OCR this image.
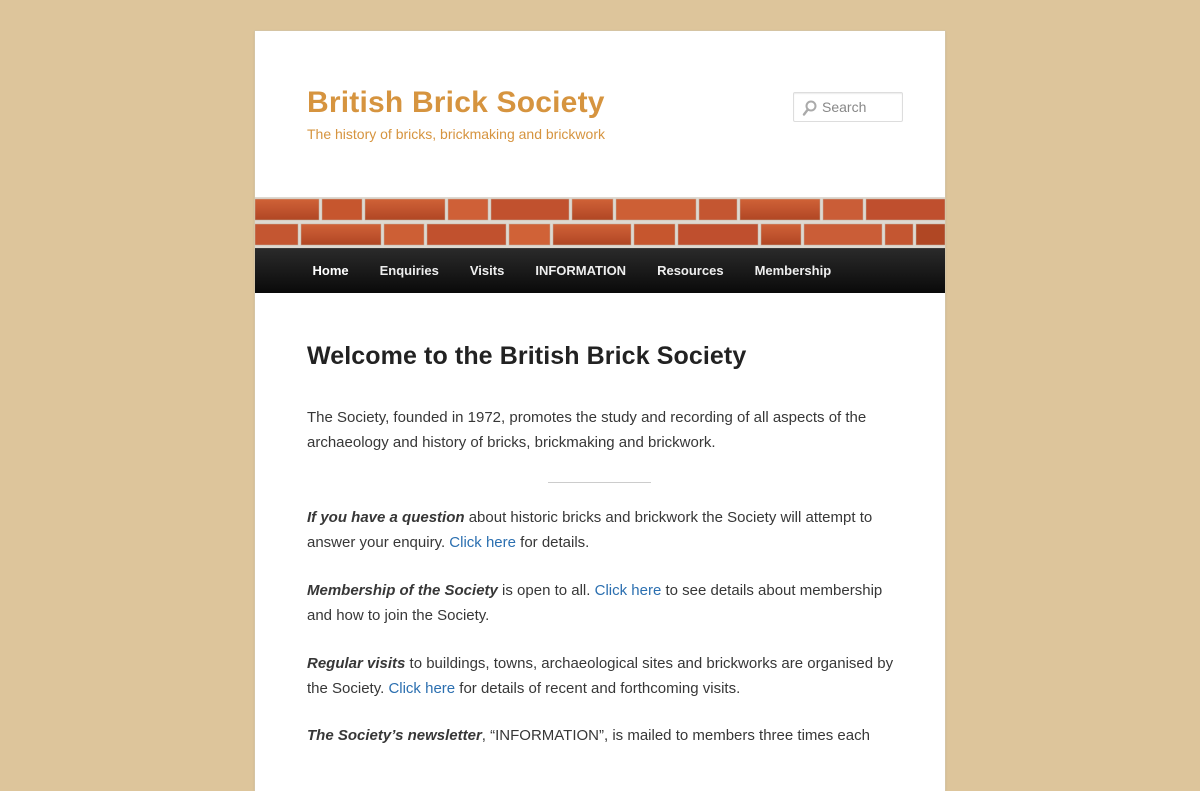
British Brick Society
The history of bricks, brickmaking and brickwork
Search
Home	Enquiries	Visits	INFORMATION	Resources	Membership
Welcome to the British Brick Society

The Society, founded in 1972, promotes the study and recording of all aspects of the archaeology and history of bricks, brickmaking and brickwork.

If you have a question about historic bricks and brickwork the Society will attempt to answer your enquiry. Click here for details.

Membership of the Society is open to all. Click here to see details about membership and how to join the Society.

Regular visits to buildings, towns, archaeological sites and brickworks are organised by the Society. Click here for details of recent and forthcoming visits.

The Society’s newsletter, “INFORMATION”, is mailed to members three times each
